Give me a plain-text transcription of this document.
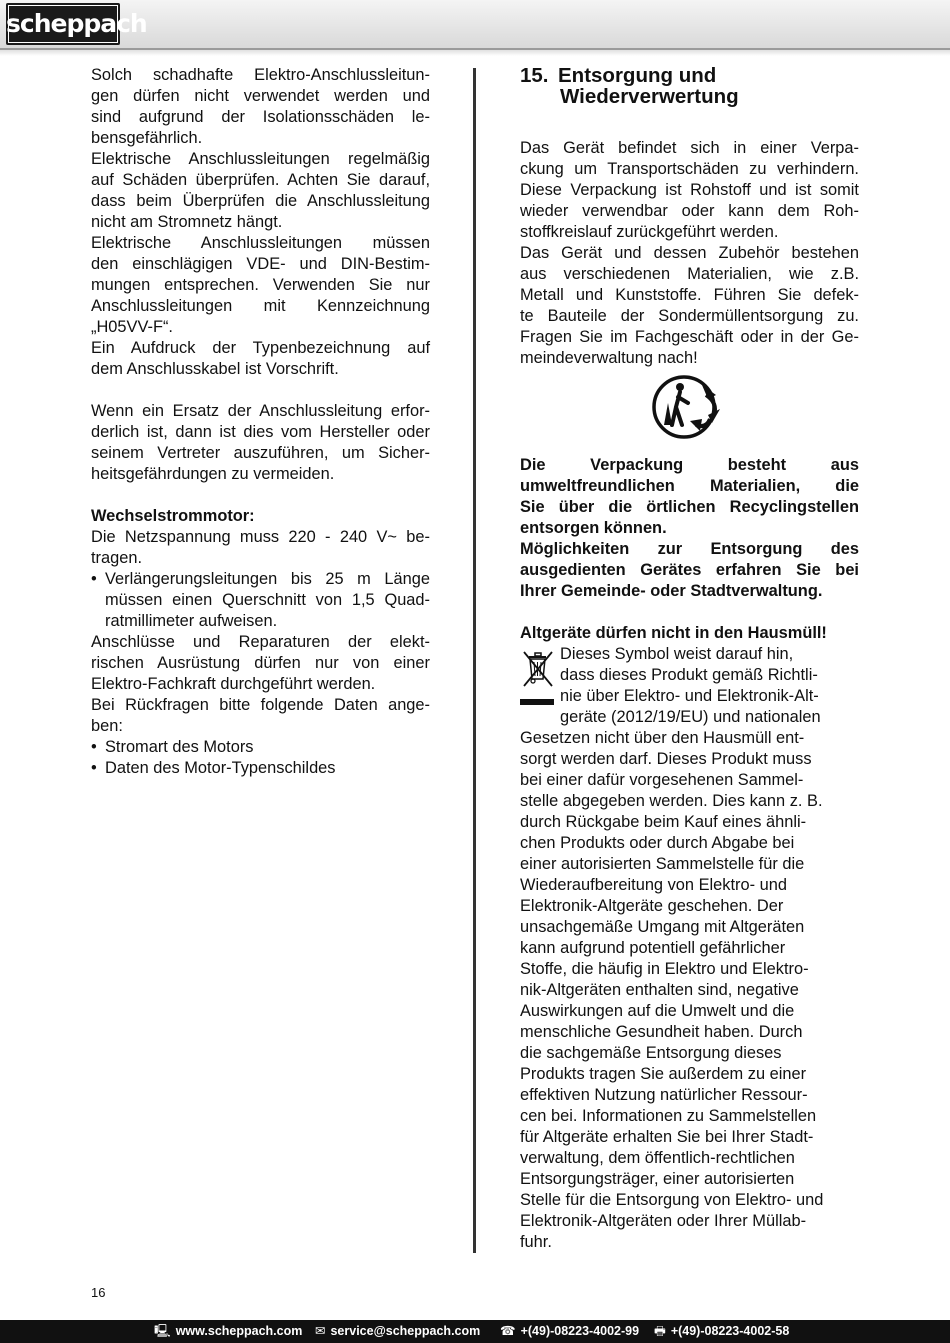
scheppach

Solch schadhafte Elektro-Anschlussleitun-

gen dürfen nicht verwendet werden und

sind aufgrund der Isolationsschäden le-

bensgefährlich.

Elektrische Anschlussleitungen regelmäßig

auf Schäden überprüfen. Achten Sie darauf,

dass beim Überprüfen die Anschlussleitung

nicht am Stromnetz hängt.

Elektrische Anschlussleitungen müssen

den einschlägigen VDE- und DIN-Bestim-

mungen entsprechen. Verwenden Sie nur

Anschlussleitungen mit Kennzeichnung

„H05VV-F“.

Ein Aufdruck der Typenbezeichnung auf

dem Anschlusskabel ist Vorschrift.

Wenn ein Ersatz der Anschlussleitung erfor-

derlich ist, dann ist dies vom Hersteller oder

seinem Vertreter auszuführen, um Sicher-

heitsgefährdungen zu vermeiden.

Wechselstrommotor:

Die Netzspannung muss 220 - 240 V~ be-

tragen.

• Verlängerungsleitungen bis 25 m Länge
müssen einen Querschnitt von 1,5 Quad-
ratmillimeter aufweisen.

Anschlüsse und Reparaturen der elekt-

rischen Ausrüstung dürfen nur von einer

Elektro-Fachkraft durchgeführt werden.

Bei Rückfragen bitte folgende Daten ange-

ben:

• Stromart des Motors
• Daten des Motor-Typenschildes
15. Entsorgung und
Wiederverwertung

Das Gerät befindet sich in einer Verpa-

ckung um Transportschäden zu verhindern.

Diese Verpackung ist Rohstoff und ist somit

wieder verwendbar oder kann dem Roh-

stoffkreislauf zurückgeführt werden.

Das Gerät und dessen Zubehör bestehen

aus verschiedenen Materialien, wie z.B.

Metall und Kunststoffe. Führen Sie defek-

te Bauteile der Sondermüllentsorgung zu.

Fragen Sie im Fachgeschäft oder in der Ge-

meindeverwaltung nach!

Die Verpackung besteht aus

umweltfreundlichen Materialien, die

Sie über die örtlichen Recyclingstellen

entsorgen können.

Möglichkeiten zur Entsorgung des

ausgedienten Gerätes erfahren Sie bei

Ihrer Gemeinde- oder Stadtverwaltung.

Altgeräte dürfen nicht in den Hausmüll!

Dieses Symbol weist darauf hin,

dass dieses Produkt gemäß Richtli-

nie über Elektro- und Elektronik-Alt-

geräte (2012/19/EU) und nationalen

Gesetzen nicht über den Hausmüll ent-

sorgt werden darf. Dieses Produkt muss

bei einer dafür vorgesehenen Sammel-

stelle abgegeben werden. Dies kann z. B.

durch Rückgabe beim Kauf eines ähnli-

chen Produkts oder durch Abgabe bei

einer autorisierten Sammelstelle für die

Wiederaufbereitung von Elektro- und

Elektronik-Altgeräte geschehen. Der

unsachgemäße Umgang mit Altgeräten

kann aufgrund potentiell gefährlicher

Stoffe, die häufig in Elektro und Elektro-

nik-Altgeräten enthalten sind, negative

Auswirkungen auf die Umwelt und die

menschliche Gesundheit haben. Durch

die sachgemäße Entsorgung dieses

Produkts tragen Sie außerdem zu einer

effektiven Nutzung natürlicher Ressour-

cen bei. Informationen zu Sammelstellen

für Altgeräte erhalten Sie bei Ihrer Stadt-

verwaltung, dem öffentlich-rechtlichen

Entsorgungsträger, einer autorisierten

Stelle für die Entsorgung von Elektro- und

Elektronik-Altgeräten oder Ihrer Müllab-

fuhr.

16
🖳 www.scheppach.com ✉ service@scheppach.com ☎ +(49)-08223-4002-99 🖶 +(49)-08223-4002-58
